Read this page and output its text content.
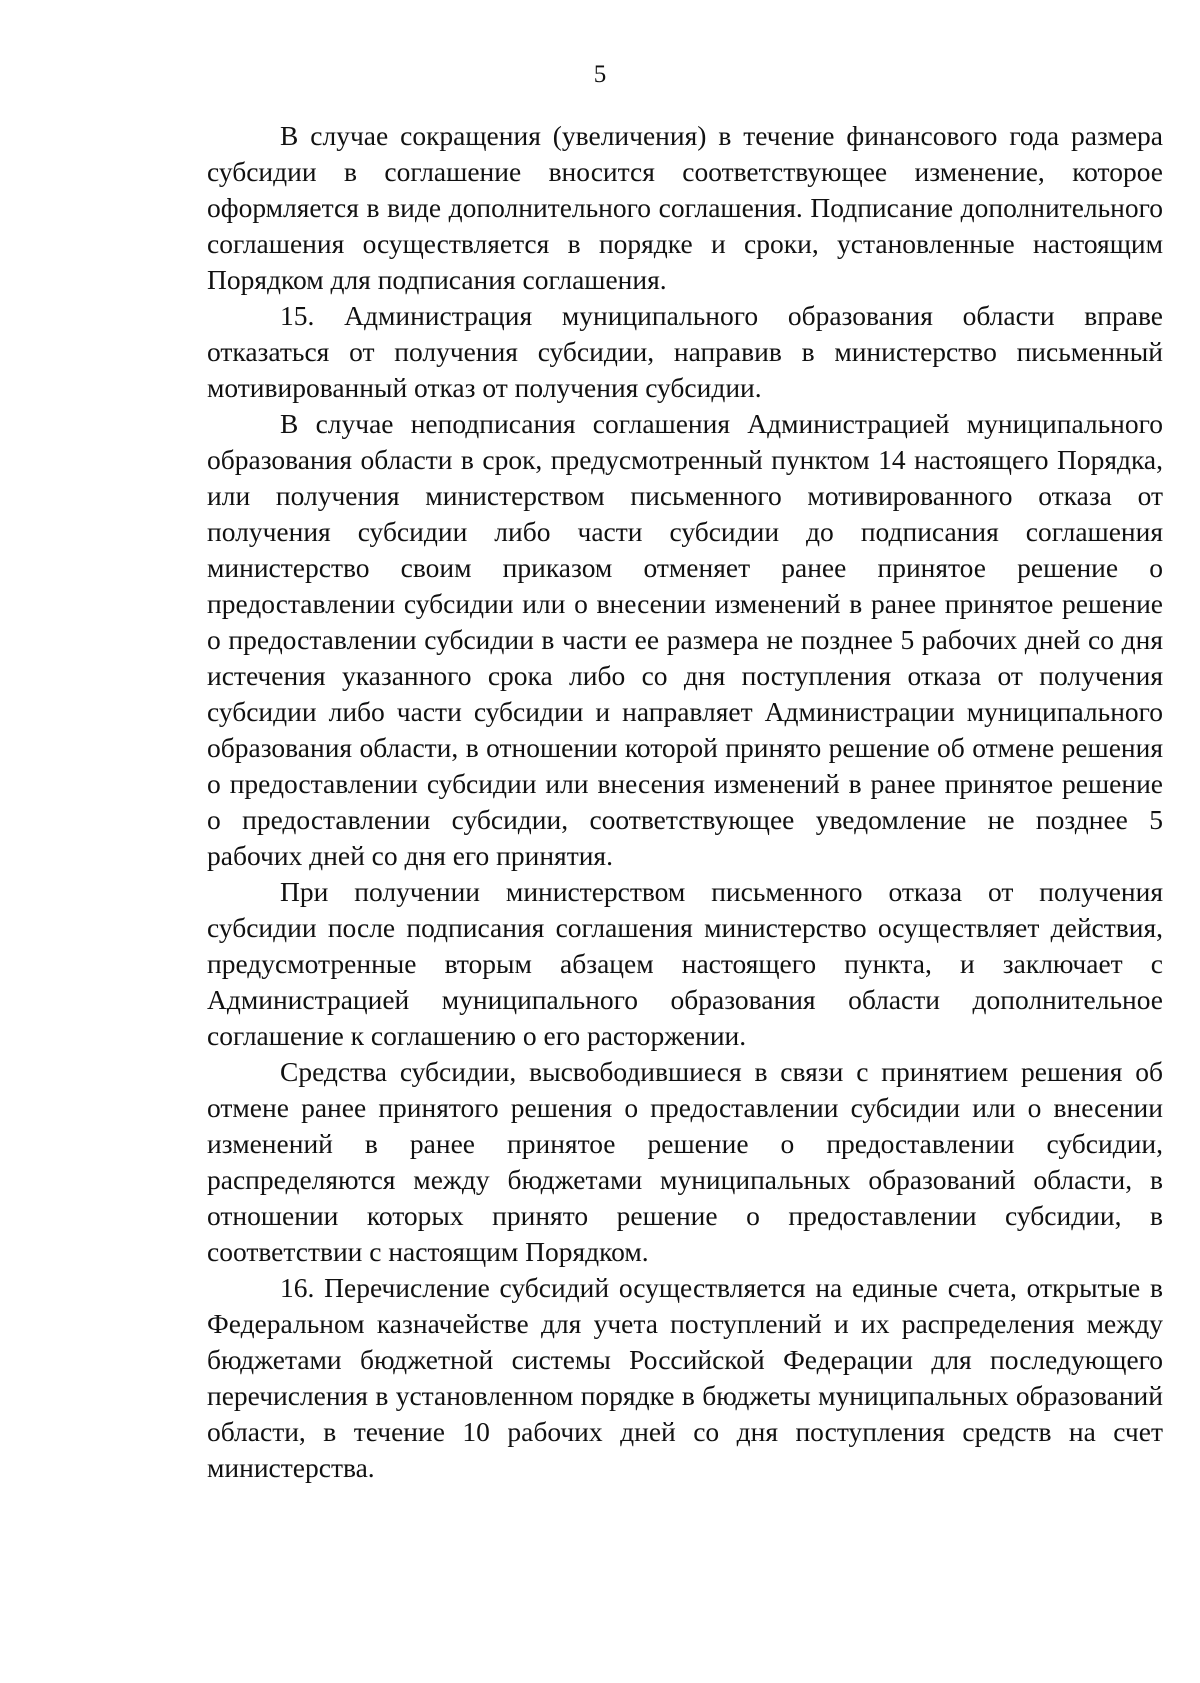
5

В случае сокращения (увеличения) в течение финансового года размера субсидии в соглашение вносится соответствующее изменение, которое оформляется в виде дополнительного соглашения. Подписание дополнительного соглашения осуществляется в порядке и сроки, установленные настоящим Порядком для подписания соглашения.

15. Администрация муниципального образования области вправе отказаться от получения субсидии, направив в министерство письменный мотивированный отказ от получения субсидии.

В случае неподписания соглашения Администрацией муниципального образования области в срок, предусмотренный пунктом 14 настоящего Порядка, или получения министерством письменного мотивированного отказа от получения субсидии либо части субсидии до подписания соглашения министерство своим приказом отменяет ранее принятое решение о предоставлении субсидии или о внесении изменений в ранее принятое решение о предоставлении субсидии в части ее размера не позднее 5 рабочих дней со дня истечения указанного срока либо со дня поступления отказа от получения субсидии либо части субсидии и направляет Администрации муниципального образования области, в отношении которой принято решение об отмене решения о предоставлении субсидии или внесения изменений в ранее принятое решение о предоставлении субсидии, соответствующее уведомление не позднее 5 рабочих дней со дня его принятия.

При получении министерством письменного отказа от получения субсидии после подписания соглашения министерство осуществляет действия, предусмотренные вторым абзацем настоящего пункта, и заключает с Администрацией муниципального образования области дополнительное соглашение к соглашению о его расторжении.

Средства субсидии, высвободившиеся в связи с принятием решения об отмене ранее принятого решения о предоставлении субсидии или о внесении изменений в ранее принятое решение о предоставлении субсидии, распределяются между бюджетами муниципальных образований области, в отношении которых принято решение о предоставлении субсидии, в соответствии с настоящим Порядком.

16. Перечисление субсидий осуществляется на единые счета, открытые в Федеральном казначействе для учета поступлений и их распределения между бюджетами бюджетной системы Российской Федерации для последующего перечисления в установленном порядке в бюджеты муниципальных образований области, в течение 10 рабочих дней со дня поступления средств на счет министерства.
